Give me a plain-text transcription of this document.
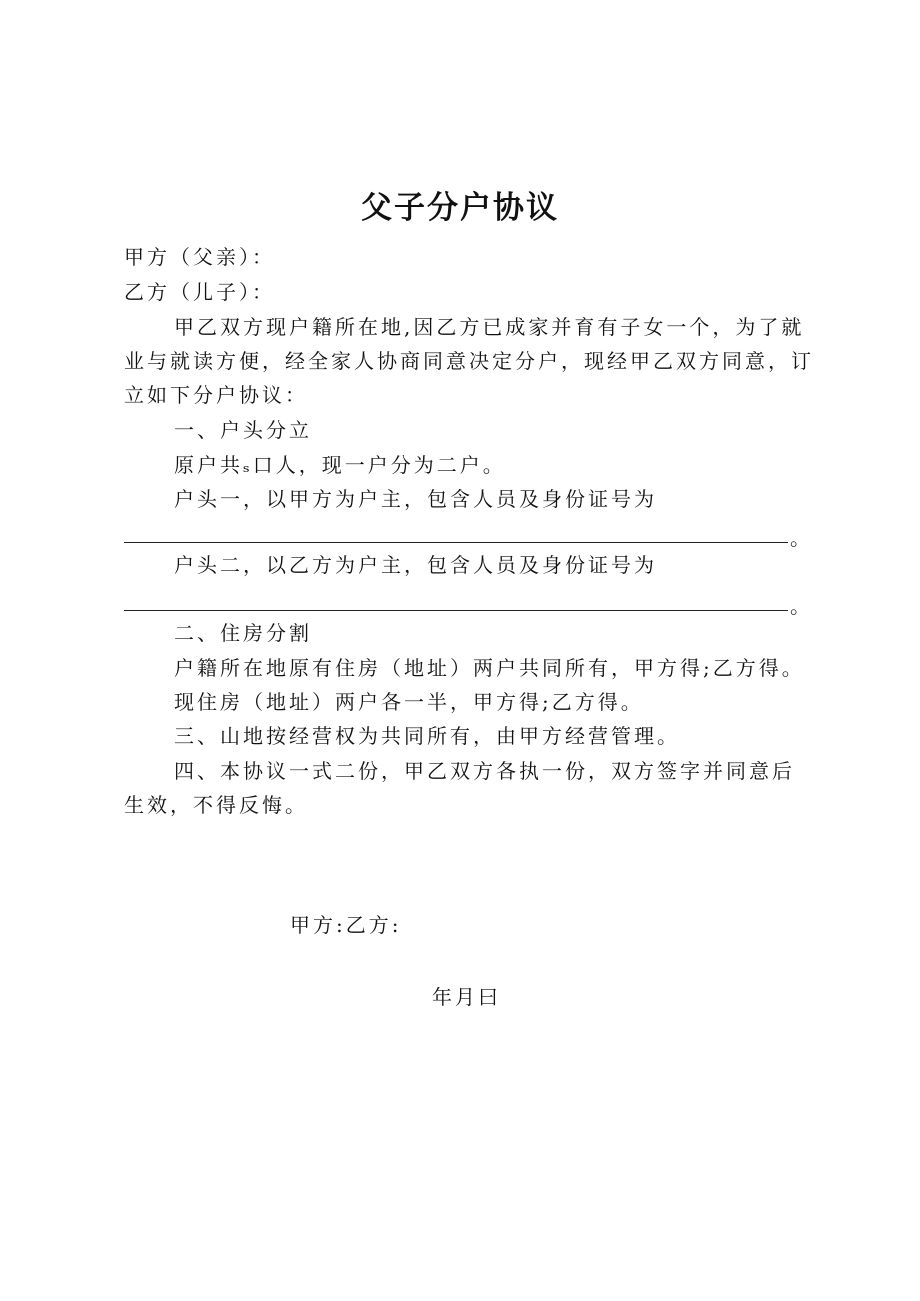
父子分户协议
甲方（父亲）：
乙方（儿子）：
甲乙双方现户籍所在地,因乙方已成家并育有子女一个，为了就
业与就读方便，经全家人协商同意决定分户，现经甲乙双方同意，订
立如下分户协议：
一、户头分立
原户共ₛ口人，现一户分为二户。
户头一，以甲方为户主，包含人员及身份证号为
。
户头二，以乙方为户主，包含人员及身份证号为
。
二、住房分割
户籍所在地原有住房（地址）两户共同所有，甲方得;乙方得。
现住房（地址）两户各一半，甲方得;乙方得。
三、山地按经营权为共同所有，由甲方经营管理。
四、本协议一式二份，甲乙双方各执一份，双方签字并同意后
生效，不得反悔。
甲方:乙方:
年月曰
